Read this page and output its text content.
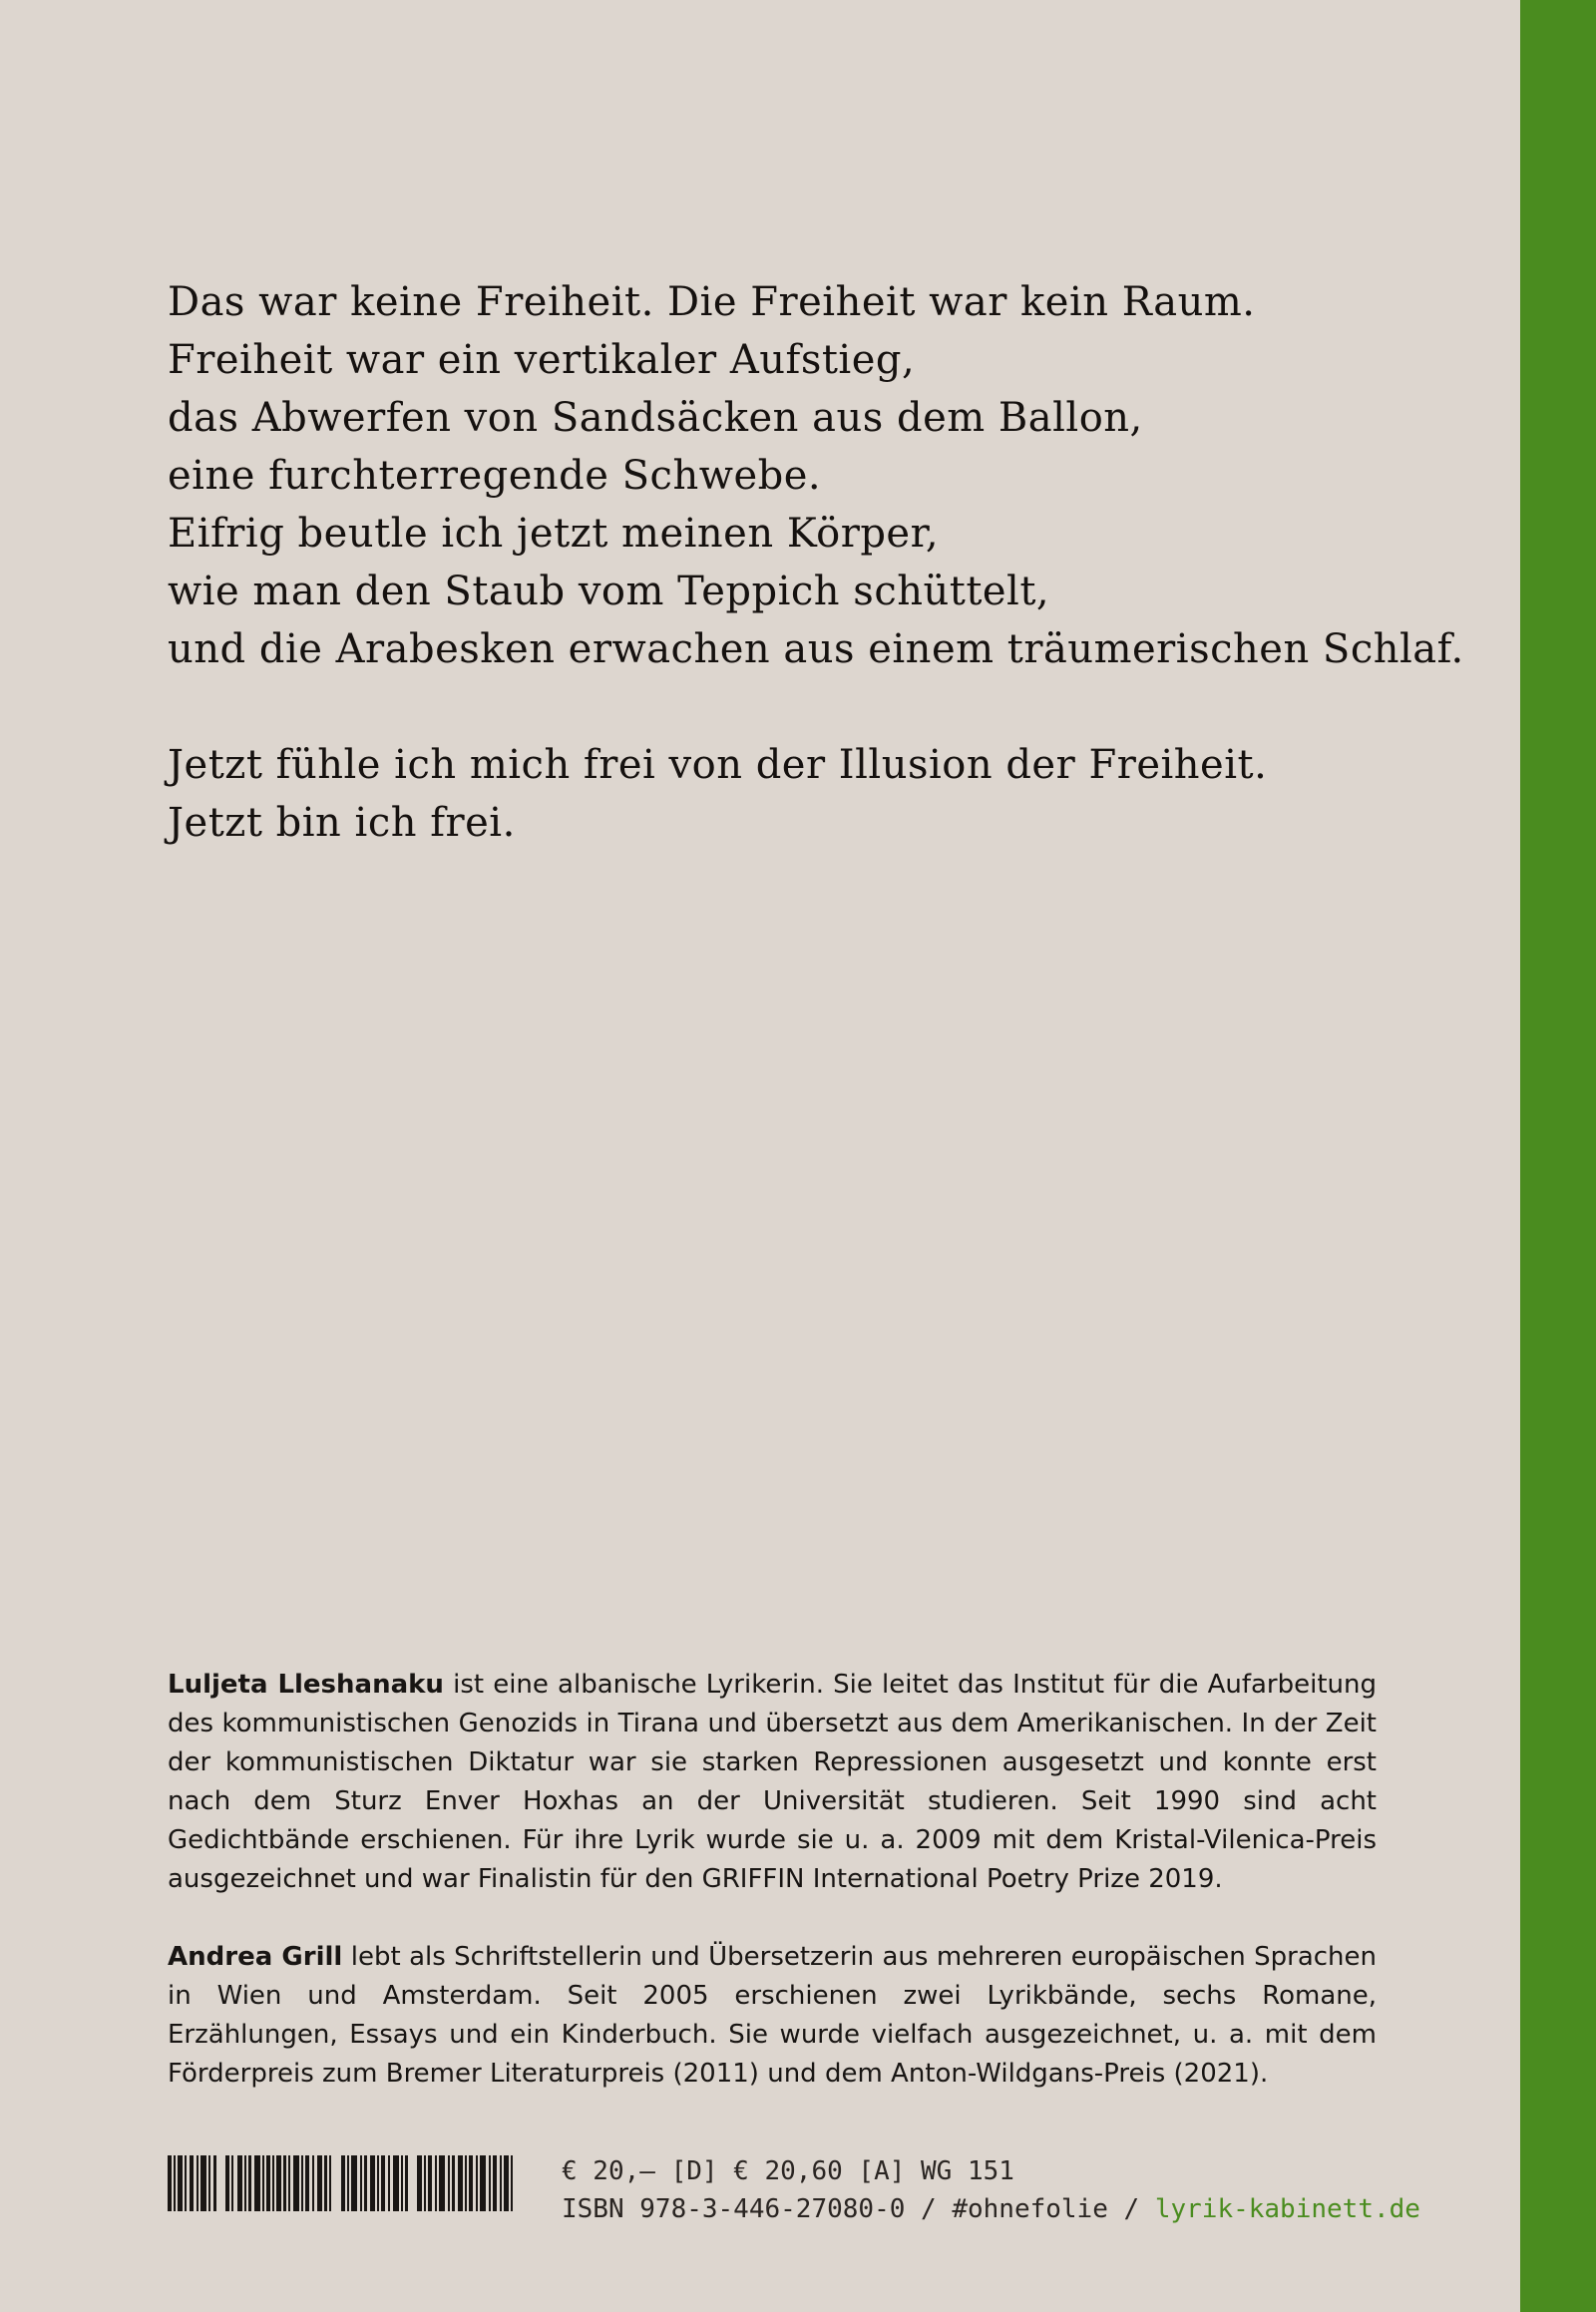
Das war keine Freiheit. Die Freiheit war kein Raum.
Freiheit war ein vertikaler Aufstieg,
das Abwerfen von Sandsäcken aus dem Ballon,
eine furchterregende Schwebe.
Eifrig beutle ich jetzt meinen Körper,
wie man den Staub vom Teppich schüttelt,
und die Arabesken erwachen aus einem träumerischen Schlaf.

Jetzt fühle ich mich frei von der Illusion der Freiheit.
Jetzt bin ich frei.

Luljeta Lleshanaku ist eine albanische Lyrikerin. Sie leitet das Institut für die Aufarbeitung des kommunistischen Genozids in Tirana und übersetzt aus dem Amerikanischen. In der Zeit der kommunistischen Diktatur war sie starken Repressionen ausgesetzt und konnte erst nach dem Sturz Enver Hoxhas an der Universität studieren. Seit 1990 sind acht Gedichtbände erschienen. Für ihre Lyrik wurde sie u. a. 2009 mit dem Kristal-Vilenica-Preis ausgezeichnet und war Finalistin für den GRIFFIN International Poetry Prize 2019.

Andrea Grill lebt als Schriftstellerin und Übersetzerin aus mehreren europäischen Sprachen in Wien und Amsterdam. Seit 2005 erschienen zwei Lyrikbände, sechs Romane, Erzählungen, Essays und ein Kinderbuch. Sie wurde vielfach ausgezeichnet, u. a. mit dem Förderpreis zum Bremer Literaturpreis (2011) und dem Anton-Wildgans-Preis (2021).

€ 20,– [D] € 20,60 [A] WG 151
ISBN 978-3-446-27080-0 / #ohnefolie / lyrik-kabinett.de
